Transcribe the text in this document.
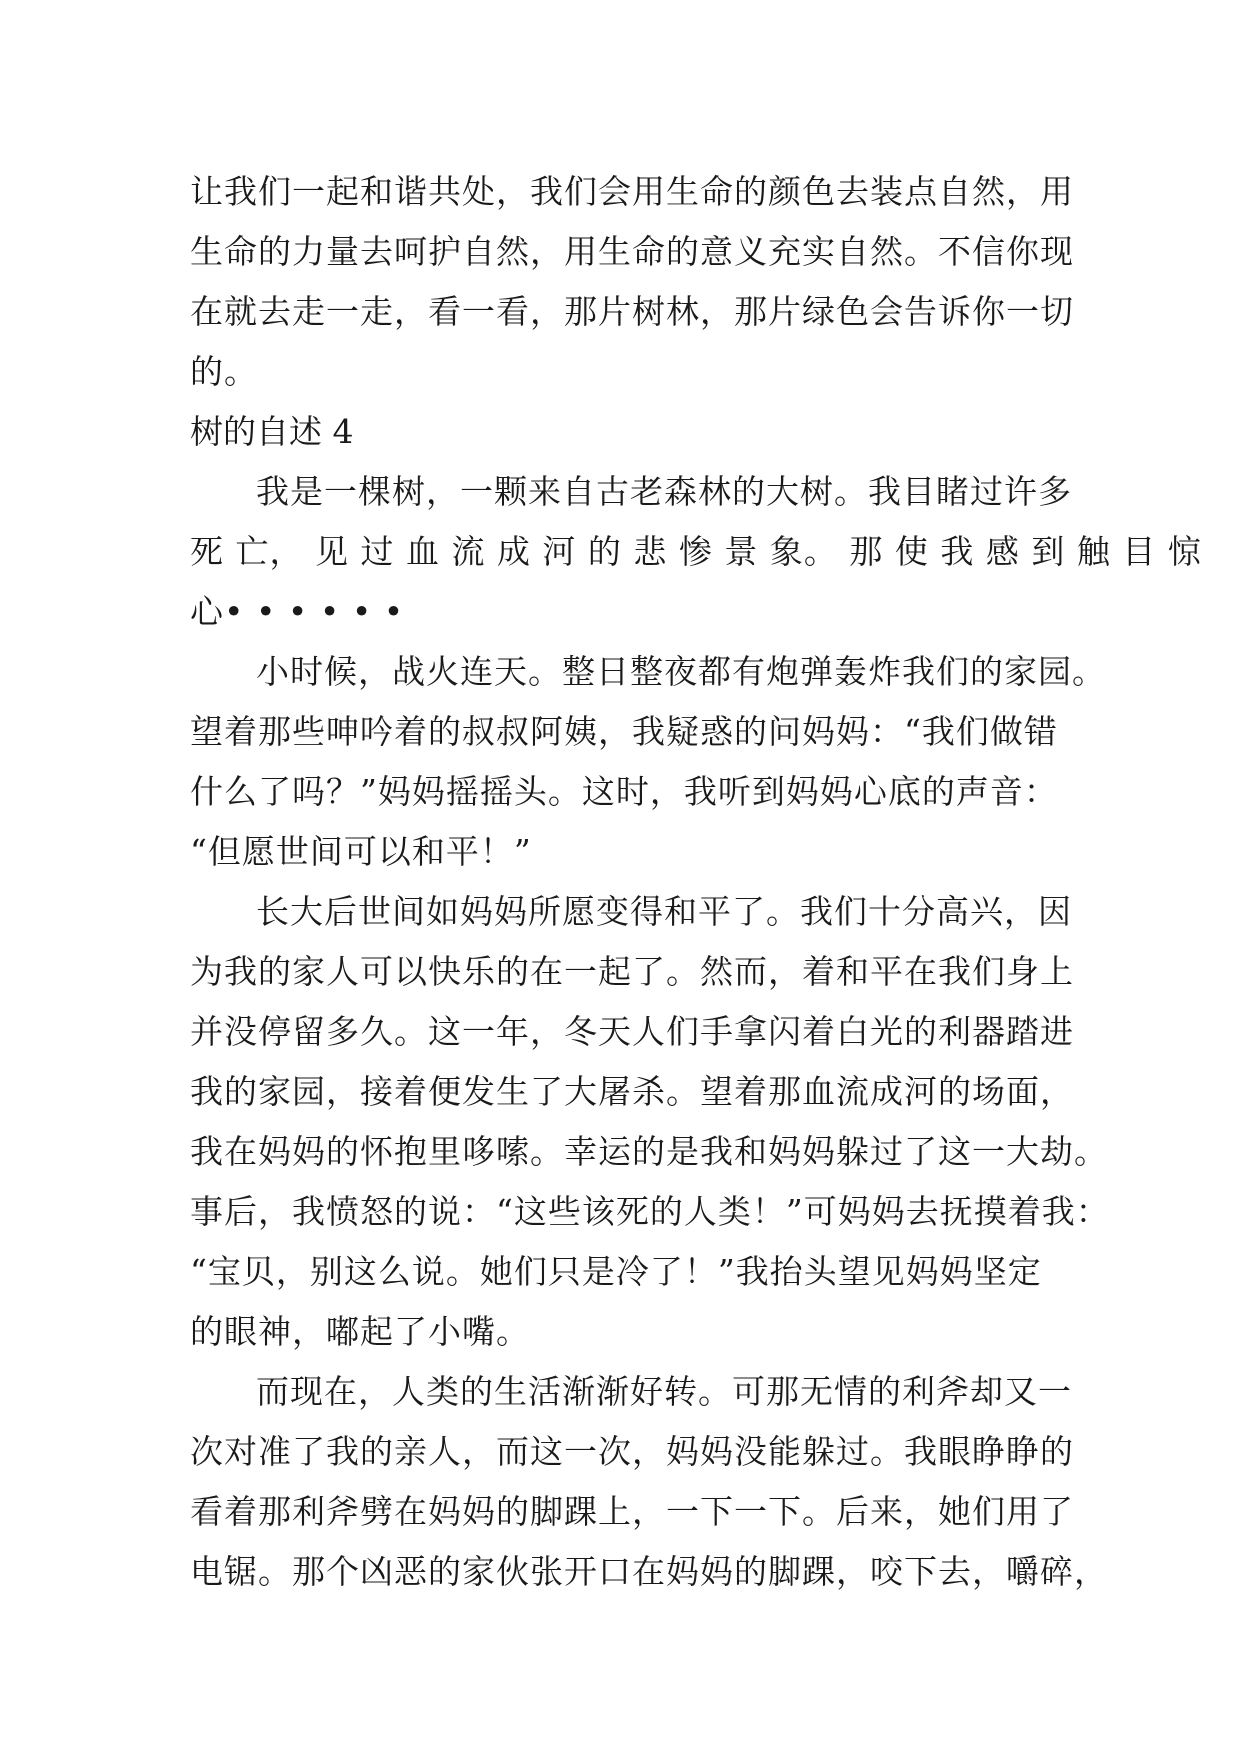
让我们一起和谐共处，我们会用生命的颜色去装点自然，用
生命的力量去呵护自然，用生命的意义充实自然。不信你现
在就去走一走，看一看，那片树林，那片绿色会告诉你一切
的。
树的自述 4
我是一棵树，一颗来自古老森林的大树。我目睹过许多
死 亡， 见 过 血 流 成 河 的 悲 惨 景 象。 那 使 我 感 到 触 目 惊
心• • • • • •
小时候，战火连天。整日整夜都有炮弹轰炸我们的家园。
望着那些呻吟着的叔叔阿姨，我疑惑的问妈妈：“我们做错
什么了吗？”妈妈摇摇头。这时，我听到妈妈心底的声音：
“但愿世间可以和平！”
长大后世间如妈妈所愿变得和平了。我们十分高兴，因
为我的家人可以快乐的在一起了。然而，着和平在我们身上
并没停留多久。这一年，冬天人们手拿闪着白光的利器踏进
我的家园，接着便发生了大屠杀。望着那血流成河的场面，
我在妈妈的怀抱里哆嗦。幸运的是我和妈妈躲过了这一大劫。
事后，我愤怒的说：“这些该死的人类！”可妈妈去抚摸着我：
“宝贝，别这么说。她们只是冷了！”我抬头望见妈妈坚定
的眼神，嘟起了小嘴。
而现在，人类的生活渐渐好转。可那无情的利斧却又一
次对准了我的亲人，而这一次，妈妈没能躲过。我眼睁睁的
看着那利斧劈在妈妈的脚踝上，一下一下。后来，她们用了
电锯。那个凶恶的家伙张开口在妈妈的脚踝，咬下去，嚼碎，
